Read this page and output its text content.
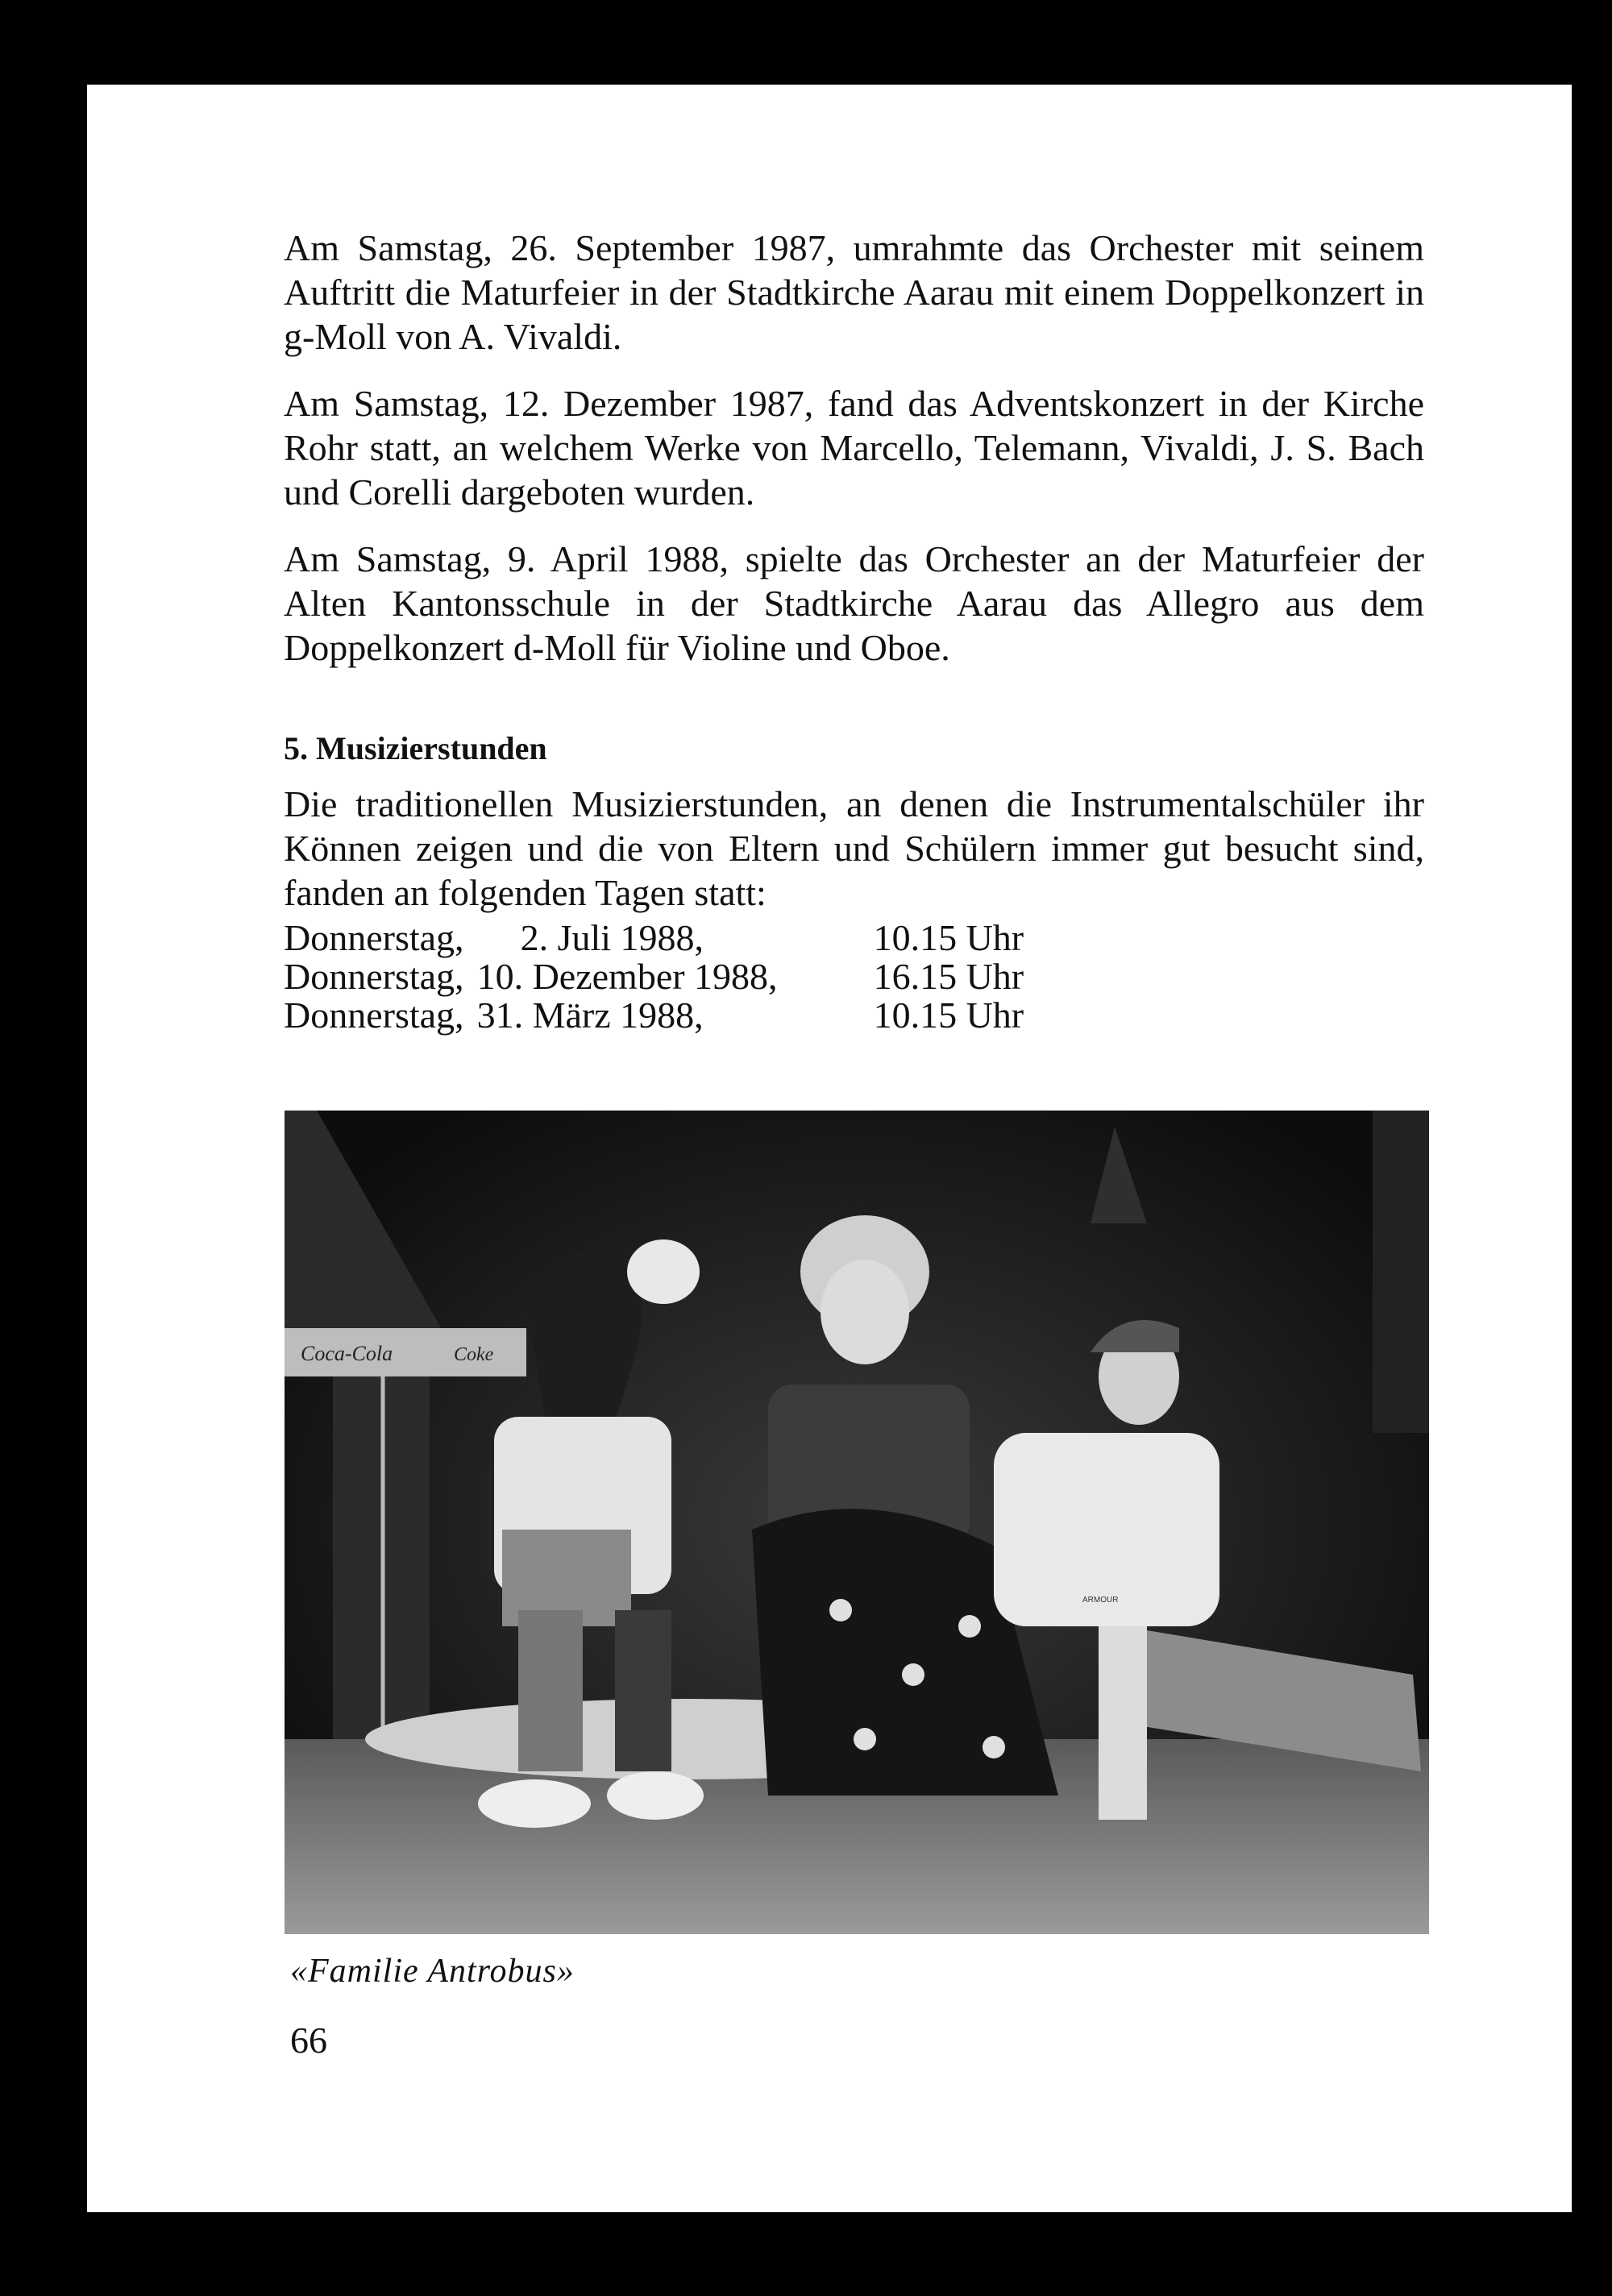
Am Samstag, 26. September 1987, umrahmte das Orchester mit seinem Auftritt die Maturfeier in der Stadtkirche Aarau mit einem Doppelkonzert in g-Moll von A. Vivaldi.

Am Samstag, 12. Dezember 1987, fand das Adventskonzert in der Kirche Rohr statt, an welchem Werke von Marcello, Telemann, Vivaldi, J. S. Bach und Corelli dargeboten wurden.

Am Samstag, 9. April 1988, spielte das Orchester an der Maturfeier der Alten Kantonsschule in der Stadtkirche Aarau das Allegro aus dem Doppelkonzert d-Moll für Violine und Oboe.

5. Musizierstunden

Die traditionellen Musizierstunden, an denen die Instrumentalschüler ihr Können zeigen und die von Eltern und Schülern immer gut besucht sind, fanden an folgenden Tagen statt:

Donnerstag,	2. Juli 1988,	10.15 Uhr
Donnerstag,	10. Dezember 1988,	16.15 Uhr
Donnerstag,	31. März 1988,	10.15 Uhr
Coca-Cola	Coke
ARMOUR
«Familie Antrobus»
66
